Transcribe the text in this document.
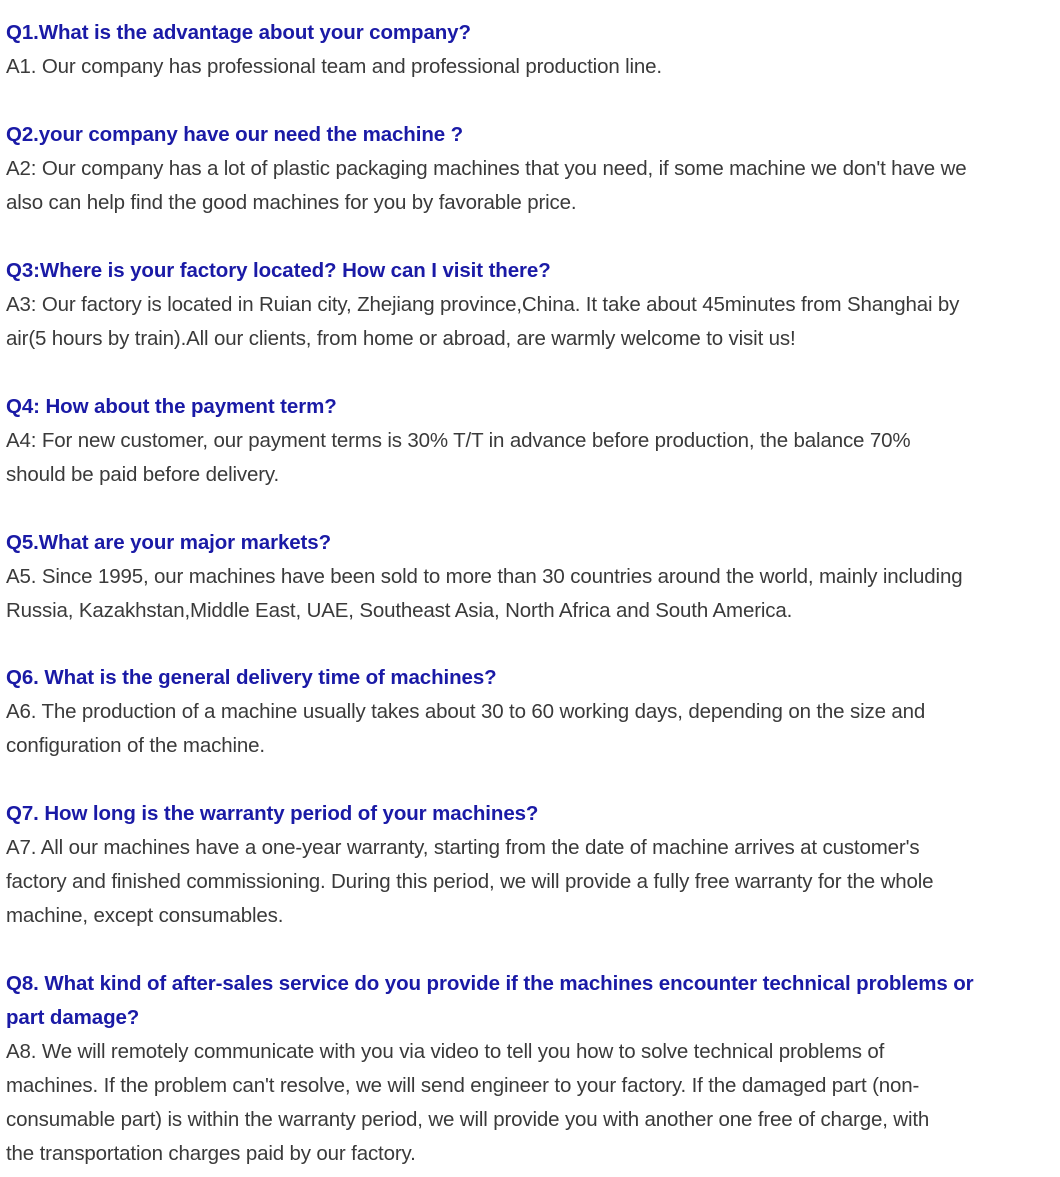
Q1.What is the advantage about your company?
A1. Our company has professional team and professional production line.
Q2.your company have our need the machine ?
A2: Our company has a lot of plastic packaging machines that you need, if some machine we don't have we
also can help find the good machines for you by favorable price.
Q3:Where is your factory located? How can I visit there?
A3: Our factory is located in Ruian city, Zhejiang province,China. It take about 45minutes from Shanghai by
air(5 hours by train).All our clients, from home or abroad, are warmly welcome to visit us!
Q4: How about the payment term?
A4: For new customer, our payment terms is 30% T/T in advance before production, the balance 70%
should be paid before delivery.
Q5.What are your major markets?
A5. Since 1995, our machines have been sold to more than 30 countries around the world, mainly including
Russia, Kazakhstan,Middle East, UAE, Southeast Asia, North Africa and South America.
Q6. What is the general delivery time of machines?
A6. The production of a machine usually takes about 30 to 60 working days, depending on the size and
configuration of the machine.
Q7. How long is the warranty period of your machines?
A7. All our machines have a one-year warranty, starting from the date of machine arrives at customer's
factory and finished commissioning. During this period, we will provide a fully free warranty for the whole
machine, except consumables.
Q8. What kind of after-sales service do you provide if the machines encounter technical problems or
part damage?
A8. We will remotely communicate with you via video to tell you how to solve technical problems of
machines. If the problem can't resolve, we will send engineer to your factory. If the damaged part (non-
consumable part) is within the warranty period, we will provide you with another one free of charge, with
the transportation charges paid by our factory.
